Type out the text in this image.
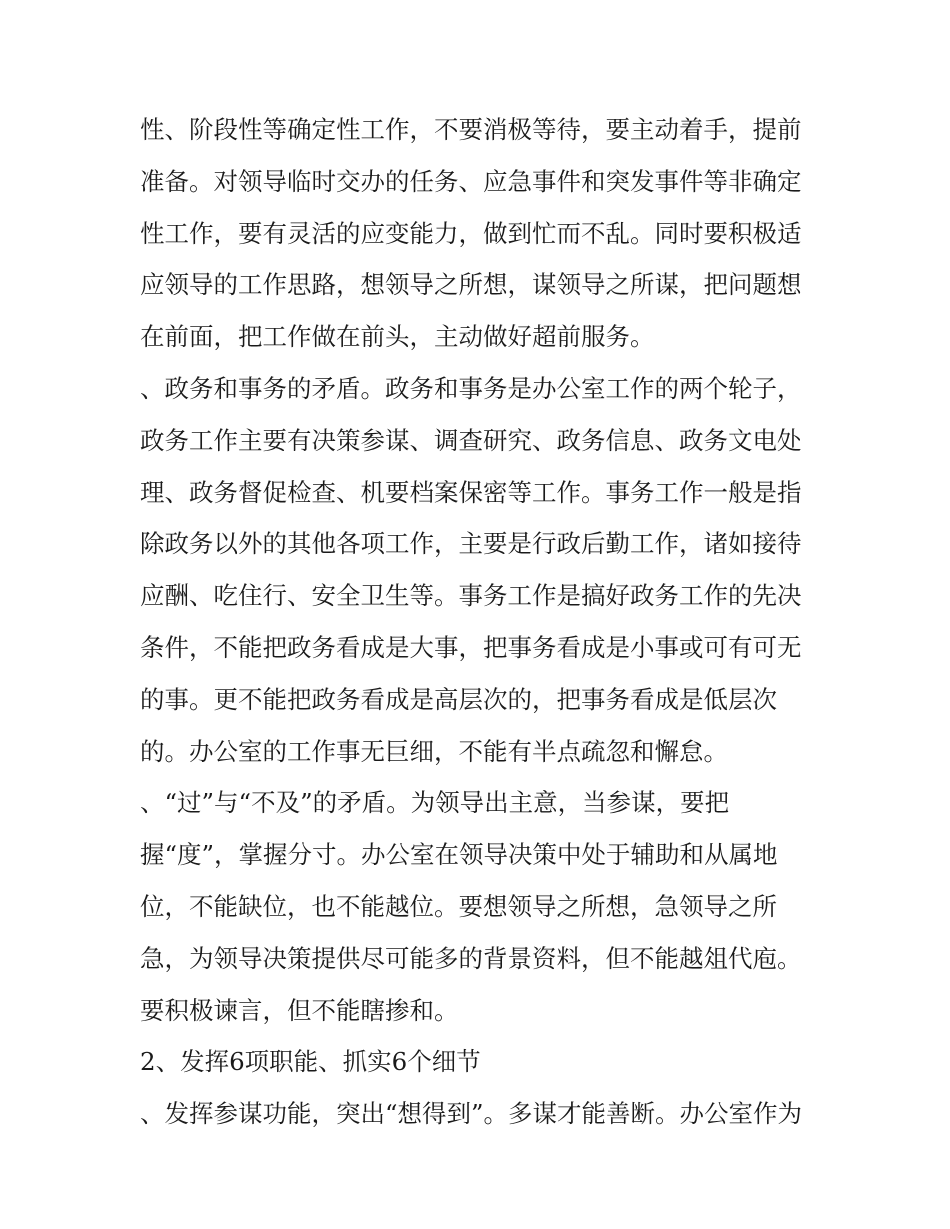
性、阶段性等确定性工作，不要消极等待，要主动着手，提前
准备。对领导临时交办的任务、应急事件和突发事件等非确定
性工作，要有灵活的应变能力，做到忙而不乱。同时要积极适
应领导的工作思路，想领导之所想，谋领导之所谋，把问题想
在前面，把工作做在前头，主动做好超前服务。
、政务和事务的矛盾。政务和事务是办公室工作的两个轮子，
政务工作主要有决策参谋、调查研究、政务信息、政务文电处
理、政务督促检查、机要档案保密等工作。事务工作一般是指
除政务以外的其他各项工作，主要是行政后勤工作，诸如接待
应酬、吃住行、安全卫生等。事务工作是搞好政务工作的先决
条件，不能把政务看成是大事，把事务看成是小事或可有可无
的事。更不能把政务看成是高层次的，把事务看成是低层次
的。办公室的工作事无巨细，不能有半点疏忽和懈怠。
、“过”与“不及”的矛盾。为领导出主意，当参谋，要把
握“度”，掌握分寸。办公室在领导决策中处于辅助和从属地
位，不能缺位，也不能越位。要想领导之所想，急领导之所
急，为领导决策提供尽可能多的背景资料，但不能越俎代庖。
要积极谏言，但不能瞎掺和。
2、发挥6项职能、抓实6个细节
、发挥参谋功能，突出“想得到”。多谋才能善断。办公室作为
